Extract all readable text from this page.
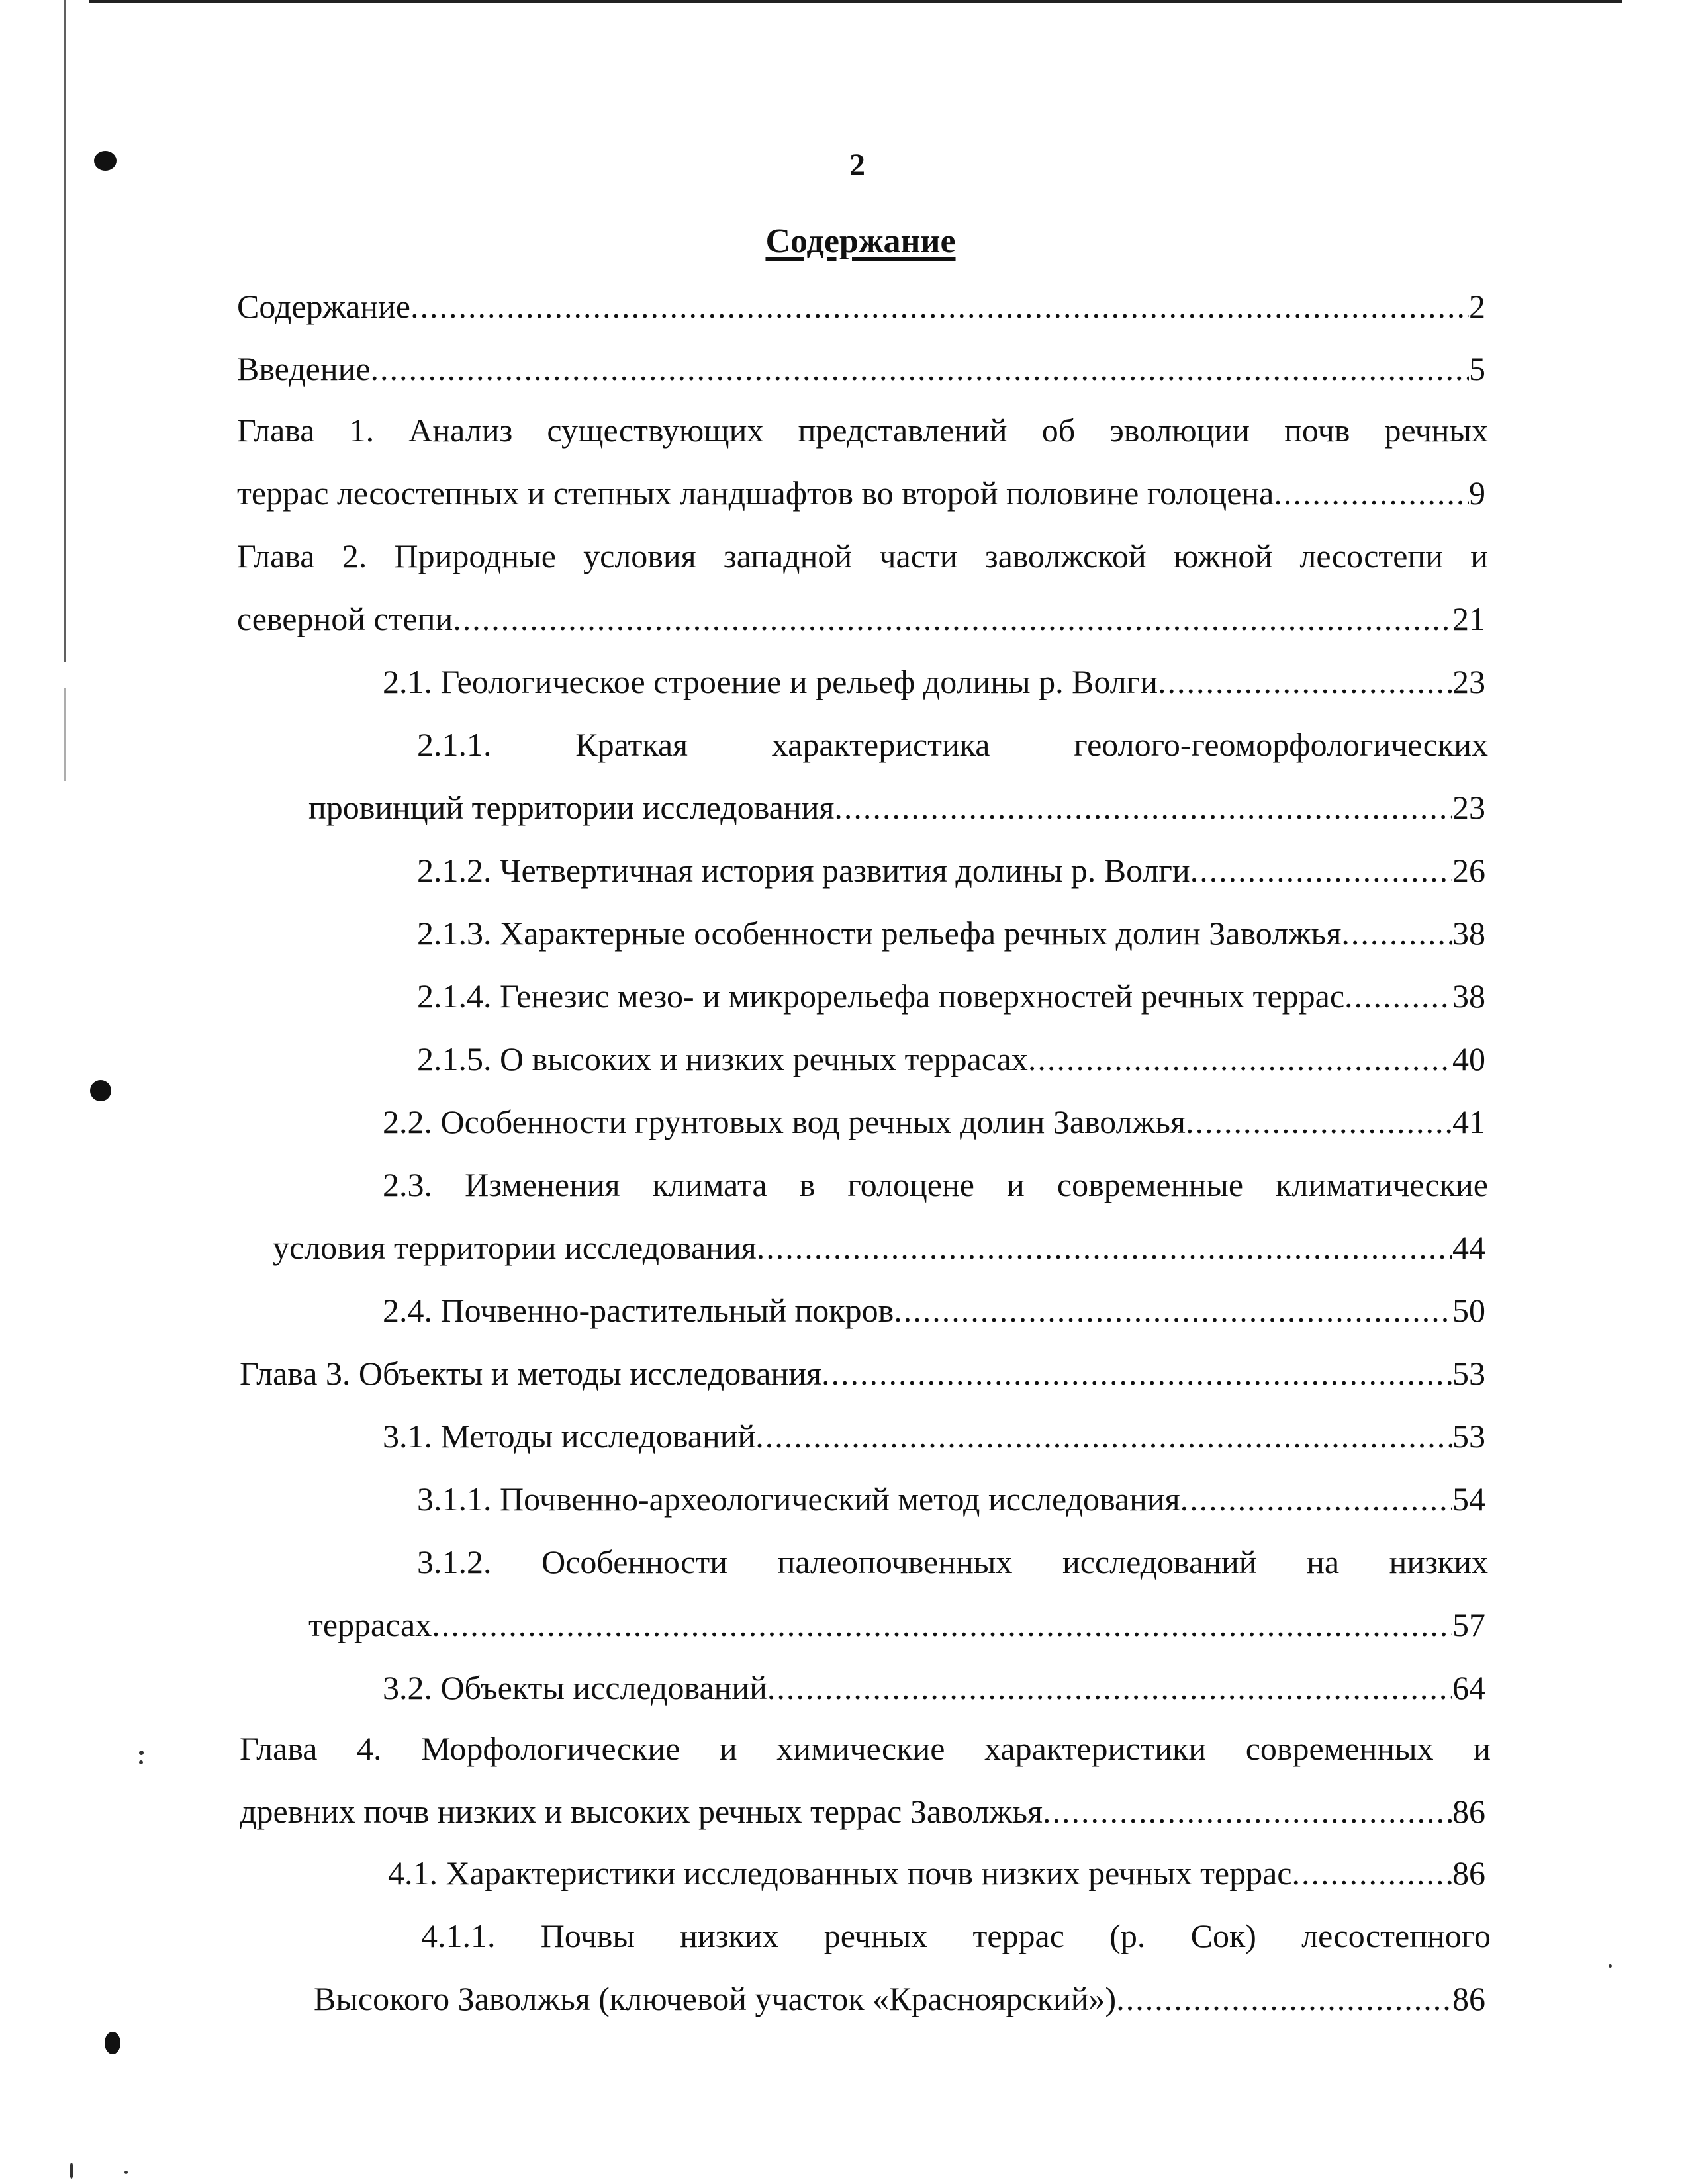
2
Содержание
Содержание .....	2
Введение .....	5
Глава 1. Анализ существующих представлений об эволюции почв речных
террас лесостепных и степных ландшафтов во второй половине голоцена .....	9
Глава 2. Природные условия западной части заволжской южной лесостепи и
северной степи .....	21
2.1. Геологическое строение и рельеф долины р. Волги .....	23
2.1.1. Краткая характеристика геолого-геоморфологических
провинций территории исследования .....	23
2.1.2. Четвертичная история развития долины р. Волги .....	26
2.1.3. Характерные особенности рельефа речных долин Заволжья .....	38
2.1.4. Генезис мезо- и микрорельефа поверхностей речных террас .....	38
2.1.5. О высоких и низких речных террасах .....	40
2.2. Особенности грунтовых вод речных долин Заволжья .....	41
2.3. Изменения климата в голоцене и современные климатические
условия территории исследования .....	44
2.4. Почвенно-растительный покров .....	50
Глава 3. Объекты и методы исследования .....	53
3.1. Методы исследований .....	53
3.1.1. Почвенно-археологический метод исследования .....	54
3.1.2. Особенности палеопочвенных исследований на низких
террасах .....	57
3.2. Объекты исследований .....	64
Глава 4. Морфологические и химические характеристики современных и
древних почв низких и высоких речных террас Заволжья .....	86
4.1. Характеристики исследованных почв низких речных террас .....	86
4.1.1. Почвы низких речных террас (р. Сок) лесостепного
Высокого Заволжья (ключевой участок «Красноярский») .....	86
